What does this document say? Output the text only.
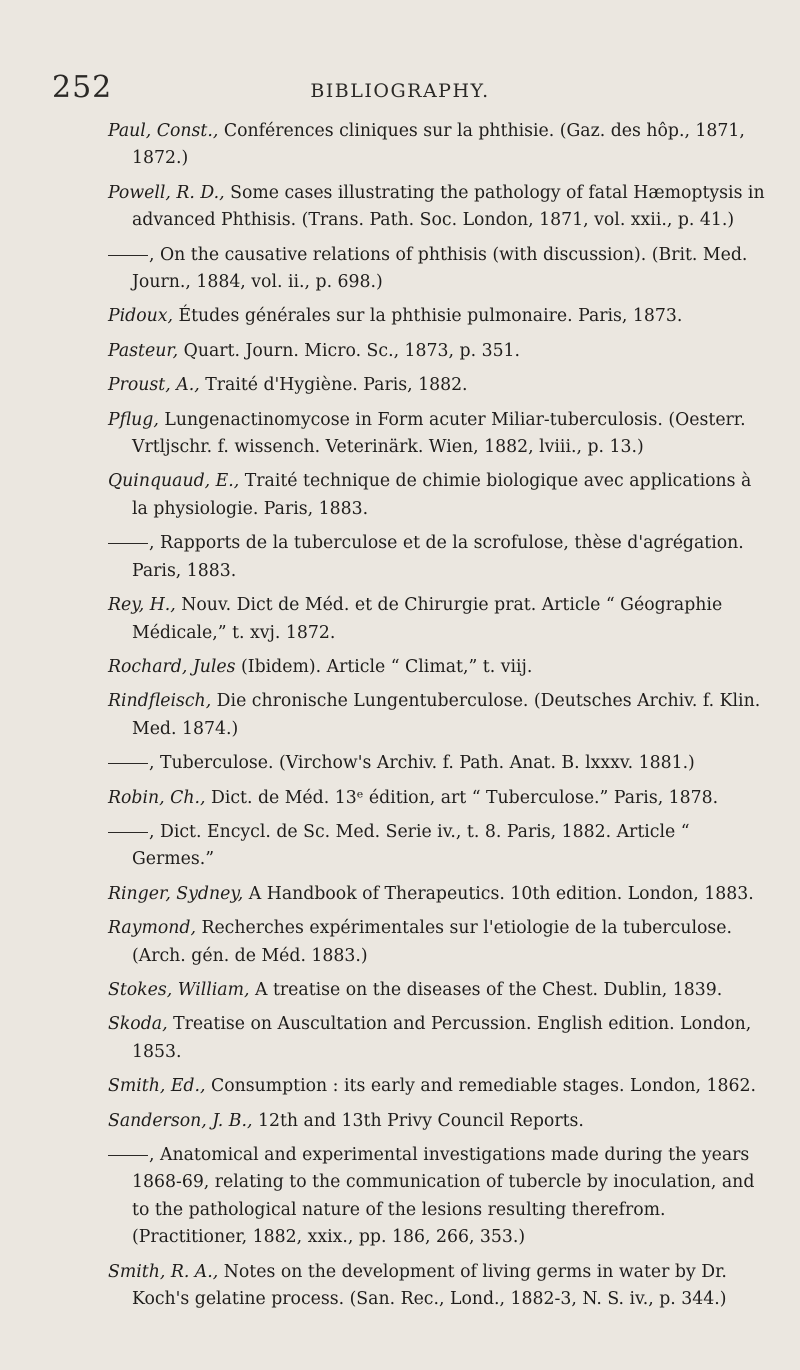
252	BIBLIOGRAPHY.

Paul, Const., Conférences cliniques sur la phthisie. (Gaz. des hôp., 1871, 1872.)

Powell, R. D., Some cases illustrating the pathology of fatal Hæmoptysis in advanced Phthisis. (Trans. Path. Soc. London, 1871, vol. xxii., p. 41.)

, On the causative relations of phthisis (with discussion). (Brit. Med. Journ., 1884, vol. ii., p. 698.)

Pidoux, Études générales sur la phthisie pulmonaire. Paris, 1873.

Pasteur, Quart. Journ. Micro. Sc., 1873, p. 351.

Proust, A., Traité d'Hygiène. Paris, 1882.

Pflug, Lungenactinomycose in Form acuter Miliar-tuberculosis. (Oesterr. Vrtljschr. f. wissench. Veterinärk. Wien, 1882, lviii., p. 13.)

Quinquaud, E., Traité technique de chimie biologique avec applications à la physiologie. Paris, 1883.

, Rapports de la tuberculose et de la scrofulose, thèse d'agrégation. Paris, 1883.

Rey, H., Nouv. Dict de Méd. et de Chirurgie prat. Article “ Géographie Médicale,” t. xvj. 1872.

Rochard, Jules (Ibidem). Article “ Climat,” t. viij.

Rindfleisch, Die chronische Lungentuberculose. (Deutsches Archiv. f. Klin. Med. 1874.)

, Tuberculose. (Virchow's Archiv. f. Path. Anat. B. lxxxv. 1881.)

Robin, Ch., Dict. de Méd. 13ᵉ édition, art “ Tuberculose.” Paris, 1878.

, Dict. Encycl. de Sc. Med. Serie iv., t. 8. Paris, 1882. Article “ Germes.”

Ringer, Sydney, A Handbook of Therapeutics. 10th edition. London, 1883.

Raymond, Recherches expérimentales sur l'etiologie de la tuberculose. (Arch. gén. de Méd. 1883.)

Stokes, William, A treatise on the diseases of the Chest. Dublin, 1839.

Skoda, Treatise on Auscultation and Percussion. English edition. London, 1853.

Smith, Ed., Consumption : its early and remediable stages. London, 1862.

Sanderson, J. B., 12th and 13th Privy Council Reports.

, Anatomical and experimental investigations made during the years 1868-69, relating to the communication of tubercle by inoculation, and to the pathological nature of the lesions resulting therefrom. (Practitioner, 1882, xxix., pp. 186, 266, 353.)

Smith, R. A., Notes on the development of living germs in water by Dr. Koch's gelatine process. (San. Rec., Lond., 1882-3, N. S. iv., p. 344.)
